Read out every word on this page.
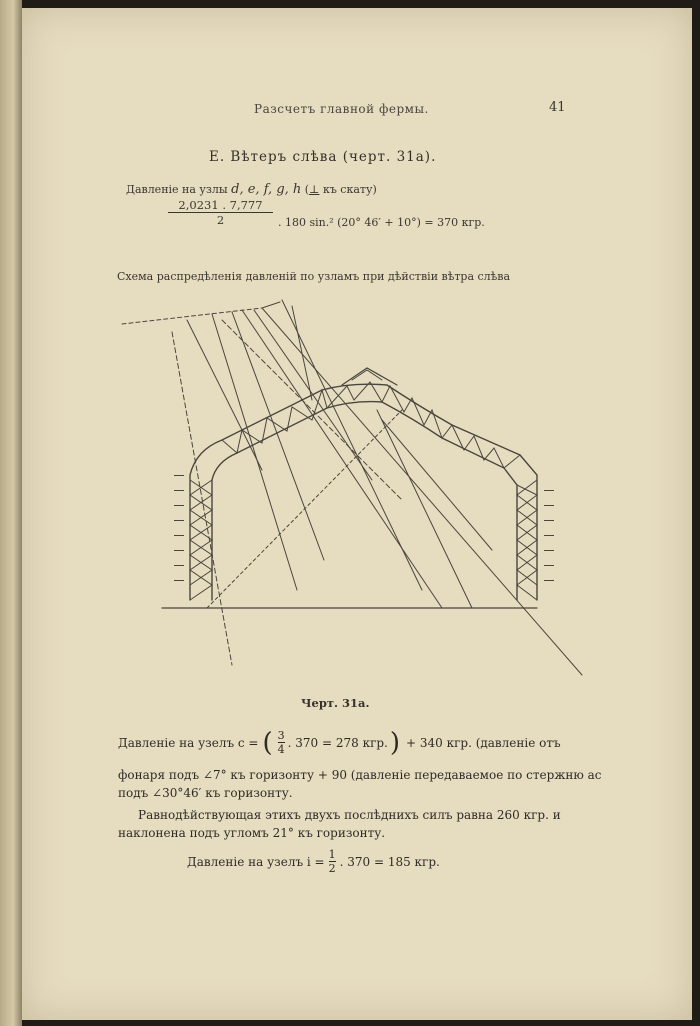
Разсчетъ главной фермы.	41
E. Вѣтеръ слѣва (черт. 31а).
Давленіе на узлы d, e, f, g, h (⊥ къ скату)
$\frac{2,0231 . 7,777}{2}$ . 180 sin.² (20° 46′ + 10°) = 370 кгр.
Схема распредѣленія давленій по узламъ при дѣйствіи вѣтра слѣва
Черт. 31а.
Давленіе на узелъ c = ( $\frac{3}{4}$ . 370 = 278 кгр. ) + 340 кгр. (давленіе отъ
фонаря подъ ∠7° къ горизонту + 90 (давленіе передаваемое по стержню ас
подъ ∠30°46′ къ горизонту.
Равнодѣйствующая этихъ двухъ послѣднихъ силъ равна 260 кгр. и
наклонена подъ угломъ 21° къ горизонту.
Давленіе на узелъ $i = \frac{1}{2}$ . 370 = 185 кгр.
